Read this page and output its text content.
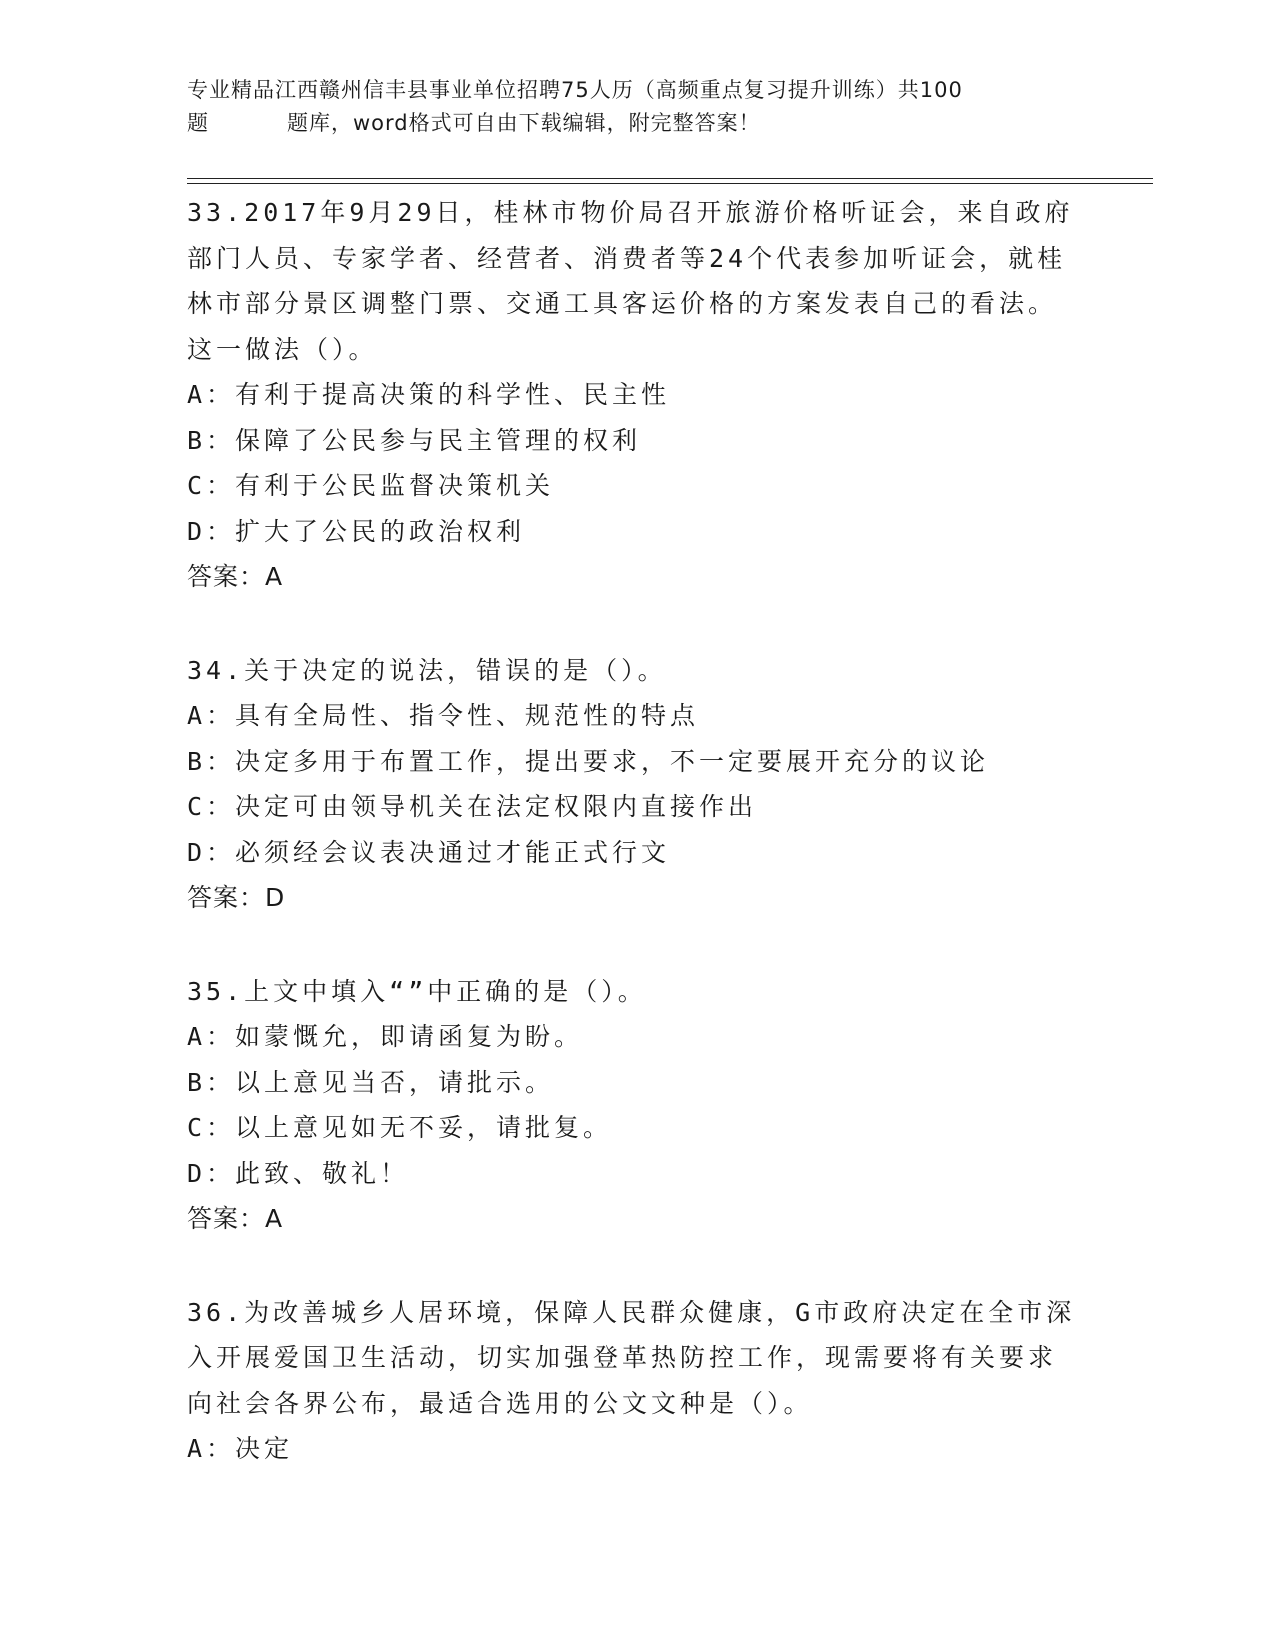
专业精品江西赣州信丰县事业单位招聘75人历（高频重点复习提升训练）共100
题	题库，word格式可自由下载编辑，附完整答案！
33.2017年9月29日，桂林市物价局召开旅游价格听证会，来自政府
部门人员、专家学者、经营者、消费者等24个代表参加听证会，就桂
林市部分景区调整门票、交通工具客运价格的方案发表自己的看法。
这一做法（）。
A：有利于提高决策的科学性、民主性
B：保障了公民参与民主管理的权利
C：有利于公民监督决策机关
D：扩大了公民的政治权利
答案：A
34.关于决定的说法，错误的是（）。
A：具有全局性、指令性、规范性的特点
B：决定多用于布置工作，提出要求，不一定要展开充分的议论
C：决定可由领导机关在法定权限内直接作出
D：必须经会议表决通过才能正式行文
答案：D
35.上文中填入“”中正确的是（）。
A：如蒙慨允，即请函复为盼。
B：以上意见当否，请批示。
C：以上意见如无不妥，请批复。
D：此致、敬礼！
答案：A
36.为改善城乡人居环境，保障人民群众健康，G市政府决定在全市深
入开展爱国卫生活动，切实加强登革热防控工作，现需要将有关要求
向社会各界公布，最适合选用的公文文种是（）。
A：决定
